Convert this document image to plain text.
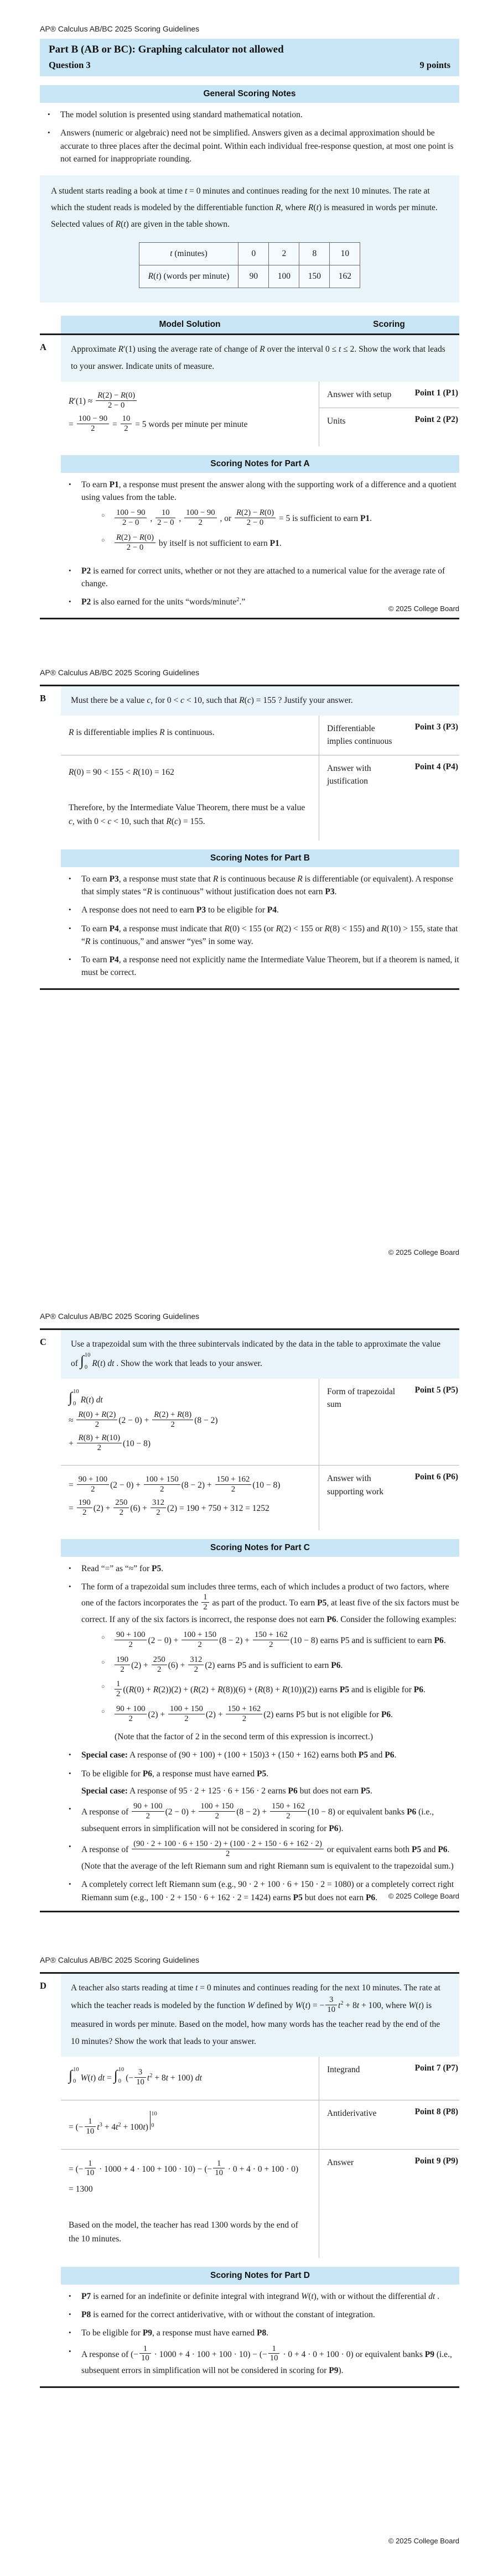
AP® Calculus AB/BC 2025 Scoring Guidelines
Part B (AB or BC): Graphing calculator not allowed
Question 3	9 points
General Scoring Notes
• The model solution is presented using standard mathematical notation.
• Answers (numeric or algebraic) need not be simplified. Answers given as a decimal approximation should be accurate to three places after the decimal point. Within each individual free-response question, at most one point is not earned for inappropriate rounding.
A student starts reading a book at time t = 0 minutes and continues reading for the next 10 minutes. The rate at which the student reads is modeled by the differentiable function R, where R(t) is measured in words per minute. Selected values of R(t) are given in the table shown.
t (minutes)	0	2	8	10
R(t) (words per minute)	90	100	150	162
Model Solution	Scoring
A	Approximate R′(1) using the average rate of change of R over the interval 0 ≤ t ≤ 2. Show the work that leads to your answer. Indicate units of measure.
$R'(1) \approx \frac{R(2) - R(0)}{2 - 0}$
= $\frac{100 - 90}{2} = \frac{10}{2} = 5$ words per minute per minute
Answer with setup	Point 1 (P1)
Units	Point 2 (P2)
Scoring Notes for Part A
• To earn P1, a response must present the answer along with the supporting work of a difference and a quotient using values from the table.
○ $\frac{100 - 90}{2 - 0}$ , $\frac{10}{2 - 0}$ , $\frac{100 - 90}{2}$ , or $\frac{R(2) - R(0)}{2 - 0} = 5$ is sufficient to earn P1.
○ $\frac{R(2) - R(0)}{2 - 0}$ by itself is not sufficient to earn P1.
• P2 is earned for correct units, whether or not they are attached to a numerical value for the average rate of change.
• P2 is also earned for the units “words/minute$^2$.”
© 2025 College Board
AP® Calculus AB/BC 2025 Scoring Guidelines
B	Must there be a value c, for 0 < c < 10, such that R(c) = 155 ? Justify your answer.
R is differentiable implies R is continuous.	Differentiable implies continuous
Point 3 (P3)
R(0) = 90 < 155 < R(10) = 162
Therefore, by the Intermediate Value Theorem, there must be a value c, with 0 < c < 10, such that R(c) = 155.
Answer with justification
Point 4 (P4)
Scoring Notes for Part B
• To earn P3, a response must state that R is continuous because R is differentiable (or equivalent). A response that simply states “R is continuous” without justification does not earn P3.
• A response does not need to earn P3 to be eligible for P4.
• To earn P4, a response must indicate that R(0) < 155 (or R(2) < 155 or R(8) < 155) and R(10) > 155, state that “R is continuous,” and answer “yes” in some way.
• To earn P4, a response need not explicitly name the Intermediate Value Theorem, but if a theorem is named, it must be correct.
© 2025 College Board
AP® Calculus AB/BC 2025 Scoring Guidelines
C	Use a trapezoidal sum with the three subintervals indicated by the data in the table to approximate the value of ∫ 10
0 R(t) dt . Show the work that leads to your answer.
∫ 10
0 R(t) dt
≈ $\frac{R(0) + R(2)}{2} (2 - 0) + \frac{R(2) + R(8)}{2} (8 - 2)$
+ $\frac{R(8) + R(10)}{2} (10 - 8)$
Form of trapezoidal sum
Point 5 (P5)
= $\frac{90 + 100}{2} (2 - 0) + \frac{100 + 150}{2} (8 - 2) + \frac{150 + 162}{2} (10 - 8)$
= $\frac{190}{2} (2) + \frac{250}{2} (6) + \frac{312}{2} (2) = 190 + 750 + 312 = 1252$
Answer with supporting work
Point 6 (P6)
Scoring Notes for Part C
• Read “=” as “≈” for P5.
• The form of a trapezoidal sum includes three terms, each of which includes a product of two factors, where one of the factors incorporates the $\frac{1}{2}$ as part of the product. To earn P5, at least five of the six factors must be correct. If any of the six factors is incorrect, the response does not earn P6. Consider the following examples:
○ $\frac{90 + 100}{2} (2 - 0) + \frac{100 + 150}{2} (8 - 2) + \frac{150 + 162}{2} (10 - 8)$ earns P5 and is sufficient to earn P6.
○ $\frac{190}{2} (2) + \frac{250}{2} (6) + \frac{312}{2} (2)$ earns P5 and is sufficient to earn P6.
○ $\frac{1}{2} ((R(0) + R(2))(2) + (R(2) + R(8))(6) + (R(8) + R(10))(2))$ earns P5 and is eligible for P6.
○ $\frac{90 + 100}{2} (2) + \frac{100 + 150}{2} (2) + \frac{150 + 162}{2} (2)$ earns P5 but is not eligible for P6.
(Note that the factor of 2 in the second term of this expression is incorrect.)
• Special case: A response of (90 + 100) + (100 + 150)3 + (150 + 162) earns both P5 and P6.
• To be eligible for P6, a response must have earned P5.
Special case: A response of 95 · 2 + 125 · 6 + 156 · 2 earns P6 but does not earn P5.
• A response of $\frac{90 + 100}{2} (2 - 0) + \frac{100 + 150}{2} (8 - 2) + \frac{150 + 162}{2} (10 - 8)$ or equivalent banks P6 (i.e., subsequent errors in simplification will not be considered in scoring for P6).
• A response of $\frac{(90 \cdot 2 + 100 \cdot 6 + 150 \cdot 2) + (100 \cdot 2 + 150 \cdot 6 + 162 \cdot 2)}{2}$ or equivalent earns both P5 and P6. (Note that the average of the left Riemann sum and right Riemann sum is equivalent to the trapezoidal sum.)
• A completely correct left Riemann sum (e.g., 90 · 2 + 100 · 6 + 150 · 2 = 1080) or a completely correct right Riemann sum (e.g., 100 · 2 + 150 · 6 + 162 · 2 = 1424) earns P5 but does not earn P6.	© 2025 College Board
AP® Calculus AB/BC 2025 Scoring Guidelines
D	A teacher also starts reading at time t = 0 minutes and continues reading for the next 10 minutes. The rate at which the teacher reads is modeled by the function W defined by W(t) = − $\frac{3}{10} t^2 + 8t + 100$, where W(t) is measured in words per minute. Based on the model, how many words has the teacher read by the end of the 10 minutes? Show the work that leads to your answer.
∫ 10
0 W(t) dt = ∫ 10
0 (− $\frac{3}{10} t^2 + 8t + 100$) dt
Integrand	Point 7 (P7)
= (− $\frac{1}{10} t^3 + 4t^2 + 100t$)
10
0
Antiderivative	Point 8 (P8)
= (− $\frac{1}{10} \cdot 1000 + 4 \cdot 100 + 100 \cdot 10$) − (− $\frac{1}{10} \cdot 0 + 4 \cdot 0 + 100 \cdot 0$)
= 1300
Based on the model, the teacher has read 1300 words by the end of the 10 minutes.
Answer	Point 9 (P9)
Scoring Notes for Part D
• P7 is earned for an indefinite or definite integral with integrand W(t), with or without the differential dt .
• P8 is earned for the correct antiderivative, with or without the constant of integration.
• To be eligible for P9, a response must have earned P8.
• A response of (− $\frac{1}{10} \cdot 1000 + 4 \cdot 100 + 100 \cdot 10$) − (− $\frac{1}{10} \cdot 0 + 4 \cdot 0 + 100 \cdot 0$) or equivalent banks P9 (i.e., subsequent errors in simplification will not be considered in scoring for P9).
© 2025 College Board
